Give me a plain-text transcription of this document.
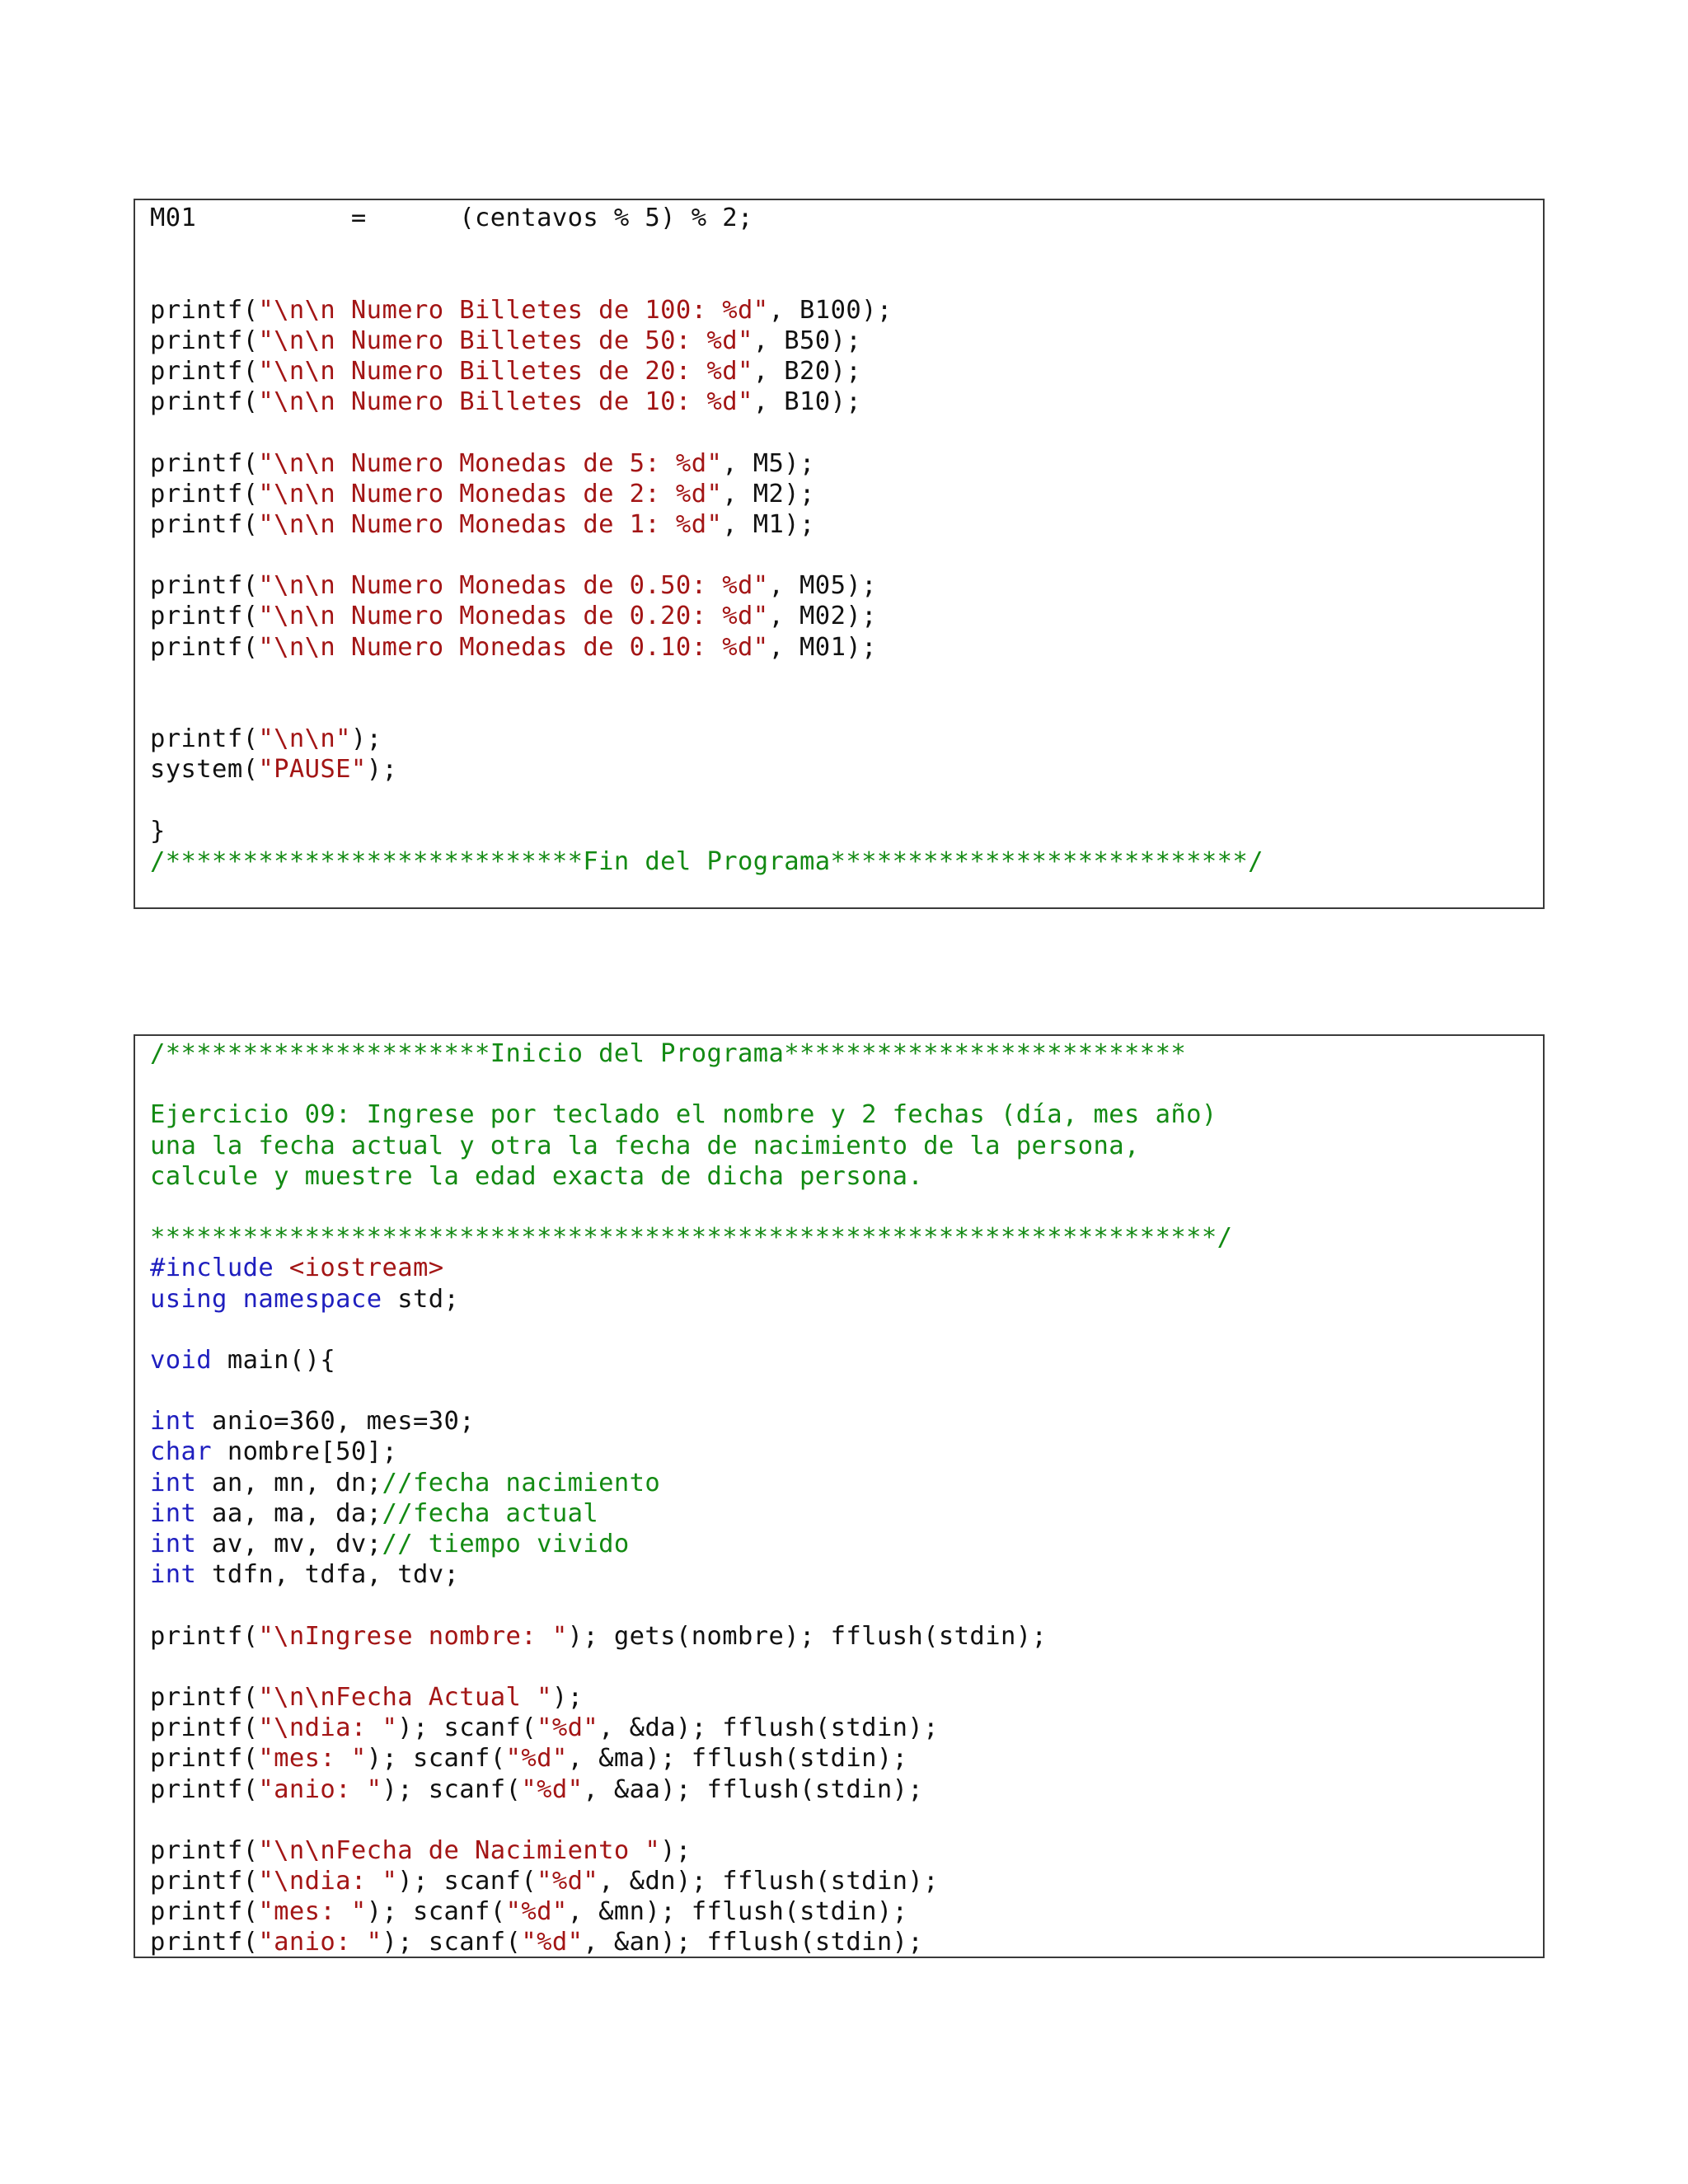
M01          =      (centavos % 5) % 2;
printf("\n\n Numero Billetes de 100: %d", B100);
printf("\n\n Numero Billetes de 50: %d", B50);
printf("\n\n Numero Billetes de 20: %d", B20);
printf("\n\n Numero Billetes de 10: %d", B10);
printf("\n\n Numero Monedas de 5: %d", M5);
printf("\n\n Numero Monedas de 2: %d", M2);
printf("\n\n Numero Monedas de 1: %d", M1);
printf("\n\n Numero Monedas de 0.50: %d", M05);
printf("\n\n Numero Monedas de 0.20: %d", M02);
printf("\n\n Numero Monedas de 0.10: %d", M01);
printf("\n\n");
system("PAUSE");
}
/***************************Fin del Programa***************************/
/*********************Inicio del Programa**************************
Ejercicio 09: Ingrese por teclado el nombre y 2 fechas (día, mes año)
una la fecha actual y otra la fecha de nacimiento de la persona,
calcule y muestre la edad exacta de dicha persona.
*********************************************************************/
#include <iostream>
using namespace std;
void main(){
int anio=360, mes=30;
char nombre[50];
int an, mn, dn;//fecha nacimiento
int aa, ma, da;//fecha actual
int av, mv, dv;// tiempo vivido
int tdfn, tdfa, tdv;
printf("\nIngrese nombre: "); gets(nombre); fflush(stdin);
printf("\n\nFecha Actual ");
printf("\ndia: "); scanf("%d", &da); fflush(stdin);
printf("mes: "); scanf("%d", &ma); fflush(stdin);
printf("anio: "); scanf("%d", &aa); fflush(stdin);
printf("\n\nFecha de Nacimiento ");
printf("\ndia: "); scanf("%d", &dn); fflush(stdin);
printf("mes: "); scanf("%d", &mn); fflush(stdin);
printf("anio: "); scanf("%d", &an); fflush(stdin);
